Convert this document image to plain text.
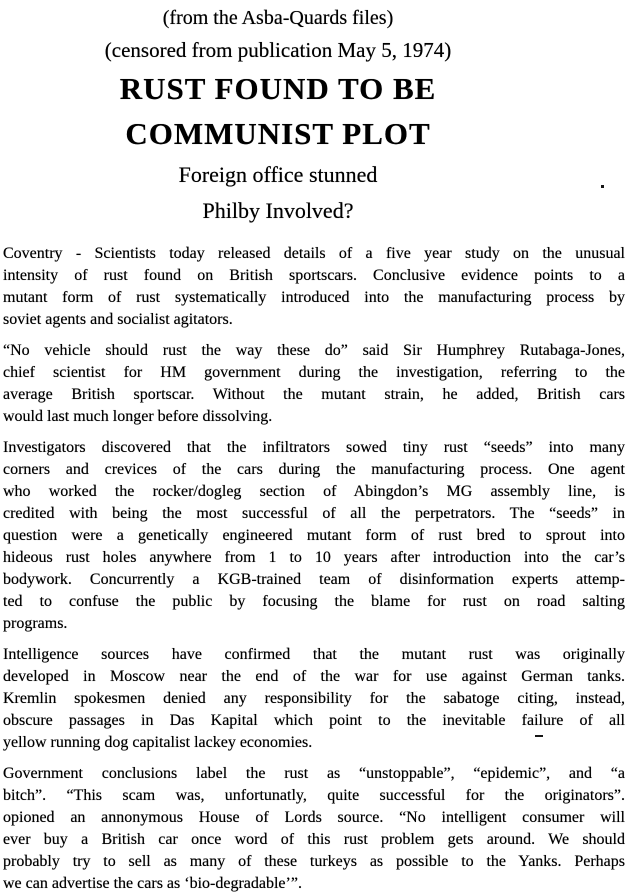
(from the Asba-Quards files)
(censored from publication May 5, 1974)
RUST FOUND TO BE
COMMUNIST PLOT
Foreign office stunned
Philby Involved?

Coventry - Scientists today released details of a five year study on the unusual
intensity of rust found on British sportscars. Conclusive evidence points to a
mutant form of rust systematically introduced into the manufacturing process by
soviet agents and socialist agitators.

“No vehicle should rust the way these do” said Sir Humphrey Rutabaga-Jones,
chief scientist for HM government during the investigation, referring to the
average British sportscar. Without the mutant strain, he added, British cars
would last much longer before dissolving.

Investigators discovered that the infiltrators sowed tiny rust “seeds” into many
corners and crevices of the cars during the manufacturing process. One agent
who worked the rocker/dogleg section of Abingdon’s MG assembly line, is
credited with being the most successful of all the perpetrators. The “seeds” in
question were a genetically engineered mutant form of rust bred to sprout into
hideous rust holes anywhere from 1 to 10 years after introduction into the car’s
bodywork. Concurrently a KGB-trained team of disinformation experts attemp-
ted to confuse the public by focusing the blame for rust on road salting
programs.

Intelligence sources have confirmed that the mutant rust was originally
developed in Moscow near the end of the war for use against German tanks.
Kremlin spokesmen denied any responsibility for the sabatoge citing, instead,
obscure passages in Das Kapital which point to the inevitable failure of all
yellow running dog capitalist lackey economies.

Government conclusions label the rust as “unstoppable”, “epidemic”, and “a
bitch”. “This scam was, unfortunatly, quite successful for the originators”.
opioned an annonymous House of Lords source. “No intelligent consumer will
ever buy a British car once word of this rust problem gets around. We should
probably try to sell as many of these turkeys as possible to the Yanks. Perhaps
we can advertise the cars as ‘bio-degradable’”.
